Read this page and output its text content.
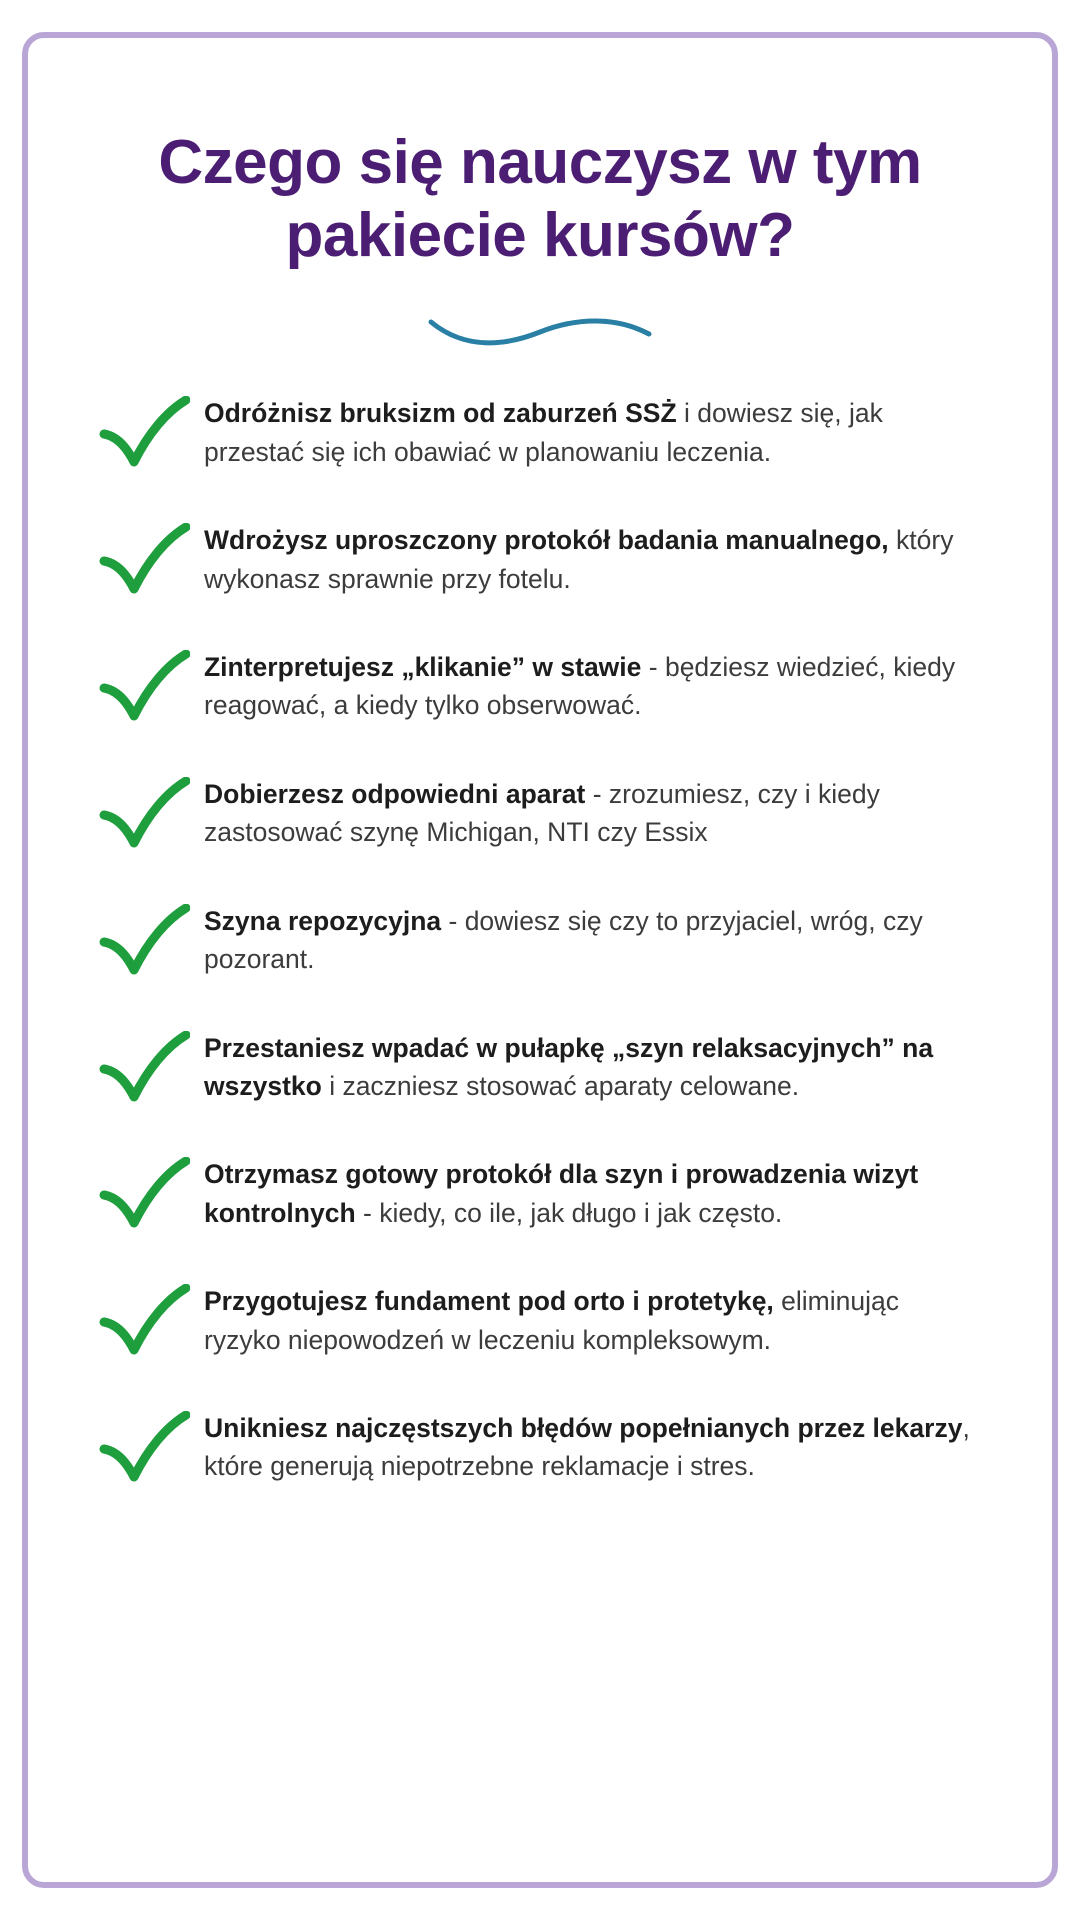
Czego się nauczysz w tym pakiecie kursów?
Odróżnisz bruksizm od zaburzeń SSŻ i dowiesz się, jak przestać się ich obawiać w planowaniu leczenia.
Wdrożysz uproszczony protokół badania manualnego, który wykonasz sprawnie przy fotelu.
Zinterpretujesz „klikanie” w stawie - będziesz wiedzieć, kiedy reagować, a kiedy tylko obserwować.
Dobierzesz odpowiedni aparat - zrozumiesz, czy i kiedy zastosować szynę Michigan, NTI czy Essix
Szyna repozycyjna - dowiesz się czy to przyjaciel, wróg, czy pozorant.
Przestaniesz wpadać w pułapkę „szyn relaksacyjnych” na wszystko i zaczniesz stosować aparaty celowane.
Otrzymasz gotowy protokół dla szyn i prowadzenia wizyt kontrolnych - kiedy, co ile, jak długo i jak często.
Przygotujesz fundament pod orto i protetykę, eliminując ryzyko niepowodzeń w leczeniu kompleksowym.
Unikniesz najczęstszych błędów popełnianych przez lekarzy, które generują niepotrzebne reklamacje i stres.
